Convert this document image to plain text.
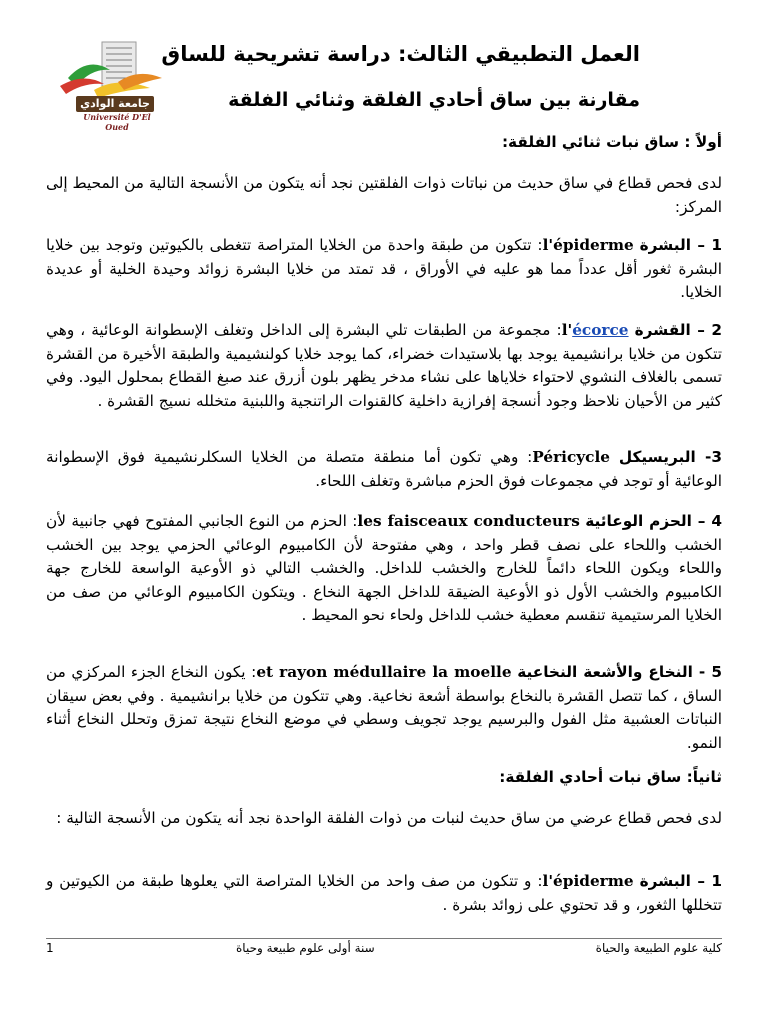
جامعة الوادي
Université D'El Oued
العمل التطبيقي الثالث: دراسة تشريحية للساق
مقارنة بين ساق أحادي الفلقة وثنائي الفلقة
أولاً : ساق نبات ثنائي الفلقة:
لدى فحص قطاع في ساق حديث من نباتات ذوات الفلقتين نجد أنه يتكون من الأنسجة التالية من المحيط إلى المركز:
1 – البشرة l'épiderme: تتكون من طبقة واحدة من الخلايا المتراصة تتغطى بالكيوتين وتوجد بين خلايا البشرة ثغور أقل عدداً مما هو عليه في الأوراق ، قد تمتد من خلايا البشرة زوائد وحيدة الخلية أو عديدة الخلايا.
2 – القشرة l'écorce: مجموعة من الطبقات تلي البشرة إلى الداخل وتغلف الإسطوانة الوعائية ، وهي تتكون من خلايا برانشيمية يوجد بها بلاستيدات خضراء، كما يوجد خلايا كولنشيمية والطبقة الأخيرة من القشرة تسمى بالغلاف النشوي لاحتواء خلاياها على نشاء مدخر يظهر بلون أزرق عند صبغ القطاع بمحلول اليود. وفي كثير من الأحيان نلاحظ وجود أنسجة إفرازية داخلية كالقنوات الراتنجية واللبنية متخلله نسيج القشرة .
3- البريسيكل Péricycle: وهي تكون أما منطقة متصلة من الخلايا السكلرنشيمية فوق الإسطوانة الوعائية أو توجد في مجموعات فوق الحزم مباشرة وتغلف اللحاء.
4 – الحزم الوعائية les faisceaux conducteurs: الحزم من النوع الجانبي المفتوح فهي جانبية لأن الخشب واللحاء على نصف قطر واحد ، وهي مفتوحة لأن الكامبيوم الوعائي الحزمي يوجد بين الخشب واللحاء ويكون اللحاء دائماً للخارج والخشب للداخل. والخشب التالي ذو الأوعية الواسعة للخارج جهة الكامبيوم والخشب الأول ذو الأوعية الضيقة للداخل الجهة النخاع . ويتكون الكامبيوم الوعائي من صف من الخلايا المرستيمية تنقسم معطية خشب للداخل ولحاء نحو المحيط .
5 - النخاع والأشعة النخاعية et rayon médullaire la moelle: يكون النخاع الجزء المركزي من الساق ، كما تتصل القشرة بالنخاع بواسطة أشعة نخاعية. وهي تتكون من خلايا برانشيمية . وفي بعض سيقان النباتات العشبية مثل الفول والبرسيم يوجد تجويف وسطي في موضع النخاع نتيجة تمزق وتحلل النخاع أثناء النمو.
ثانياً: ساق نبات أحادي الفلقة:
لدى فحص قطاع عرضي من ساق حديث لنبات من ذوات الفلقة الواحدة نجد أنه يتكون من الأنسجة التالية :
1 – البشرة l'épiderme: و تتكون من صف واحد من الخلايا المتراصة التي يعلوها طبقة من الكيوتين و تتخللها الثغور، و قد تحتوي على زوائد بشرة .
1	سنة أولى علوم طبيعة وحياة	كلية علوم الطبيعة والحياة
